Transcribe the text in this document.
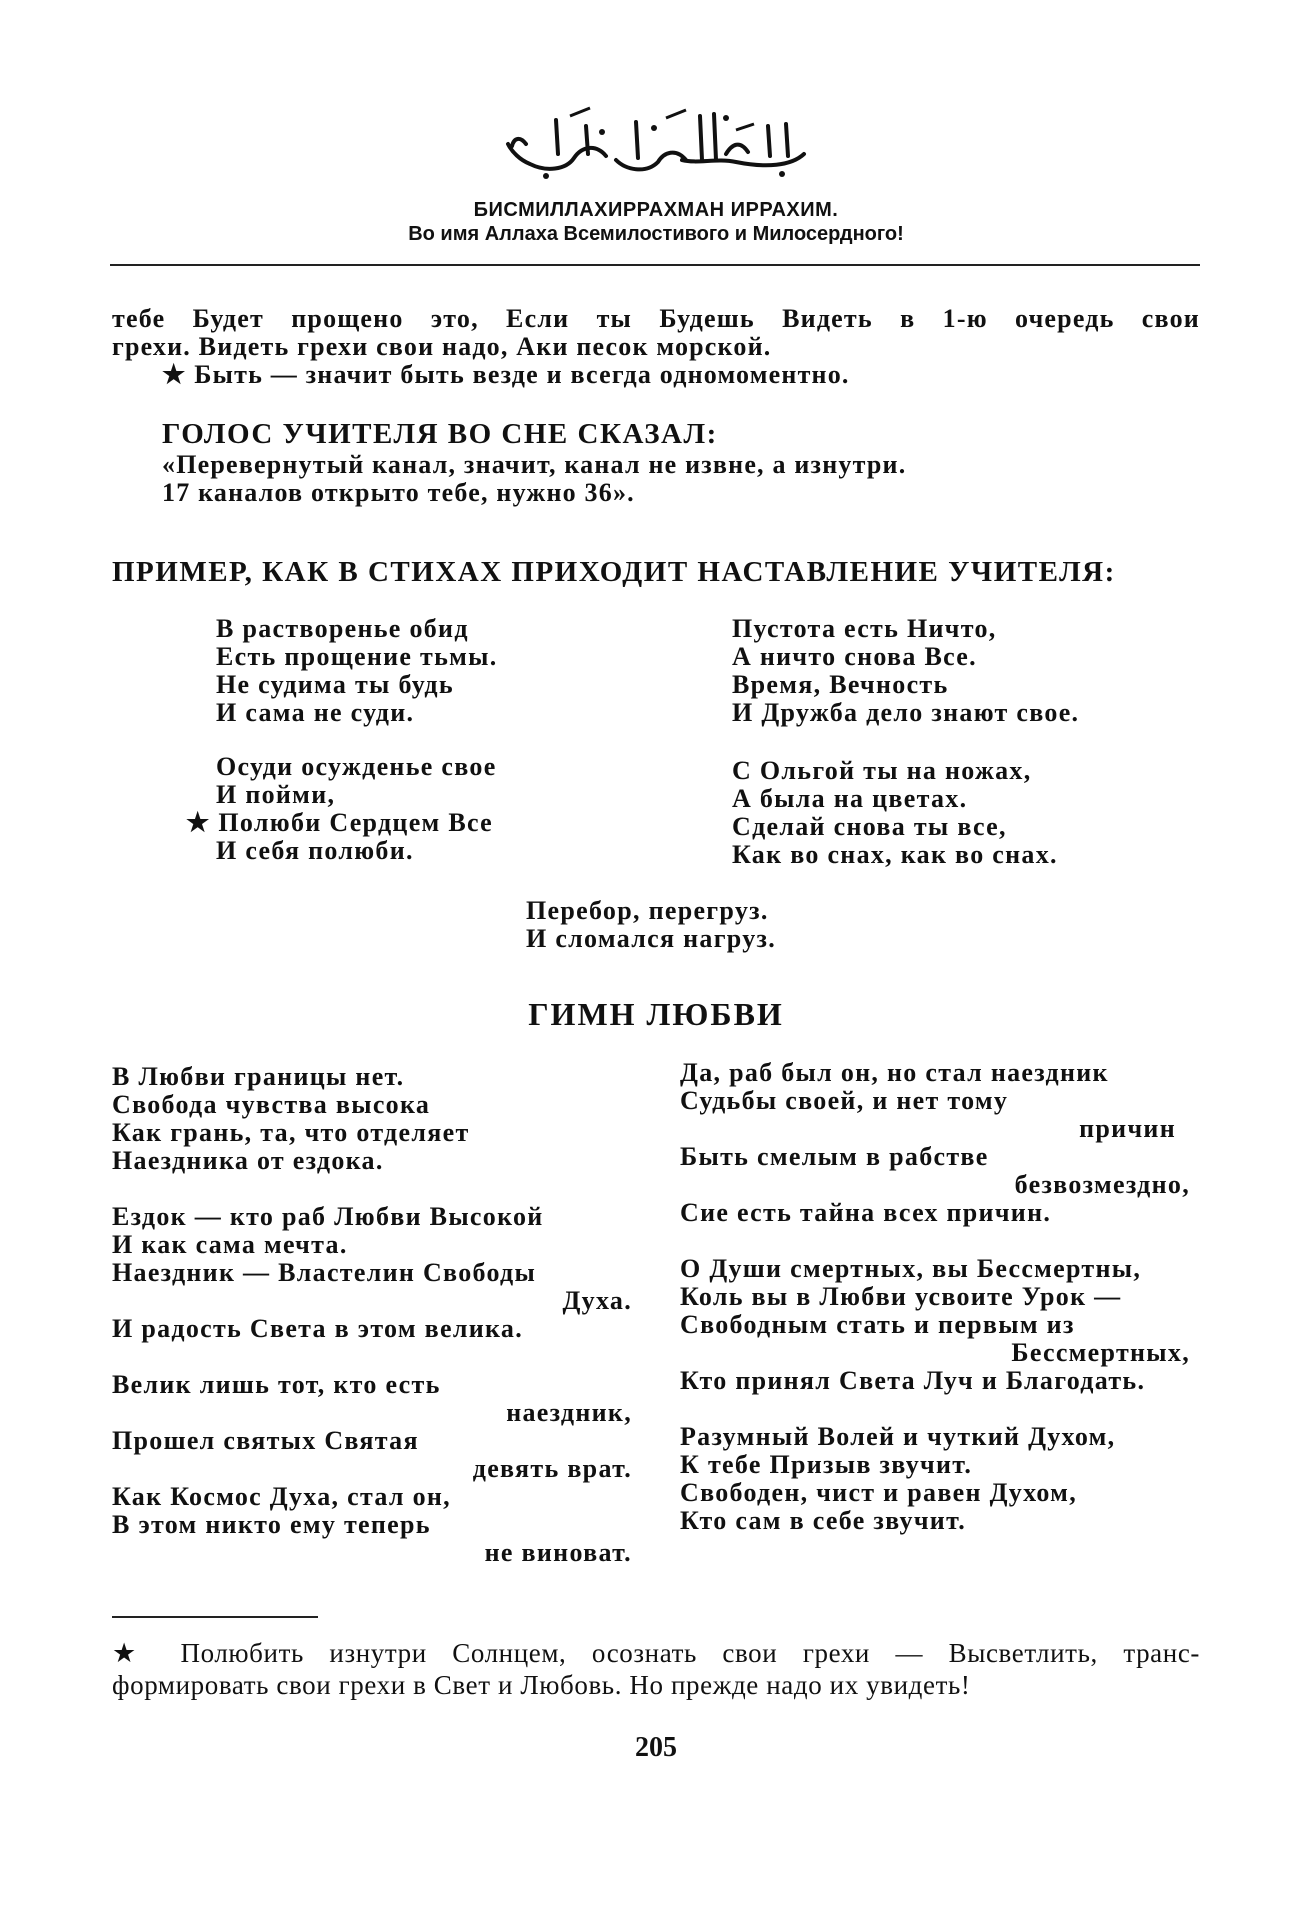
БИСМИЛЛАХИРРАХМАН ИРРАХИМ.
Во имя Аллаха Всемилостивого и Милосердного!
тебе Будет прощено это, Если ты Будешь Видеть в 1-ю очередь свои
грехи. Видеть грехи свои надо, Аки песок морской.
★ Быть — значит быть везде и всегда одномоментно.
ГОЛОС УЧИТЕЛЯ ВО СНЕ СКАЗАЛ:
«Перевернутый канал, значит, канал не извне, а изнутри.
17 каналов открыто тебе, нужно 36».
ПРИМЕР, КАК В СТИХАХ ПРИХОДИТ НАСТАВЛЕНИЕ УЧИТЕЛЯ:
В растворенье обид
Есть прощение тьмы.
Не судима ты будь
И сама не суди.
Осуди осужденье свое
И пойми,
★ Полюби Сердцем Все
И себя полюби.
Пустота есть Ничто,
А ничто снова Все.
Время, Вечность
И Дружба дело знают свое.
С Ольгой ты на ножах,
А была на цветах.
Сделай снова ты все,
Как во снах, как во снах.
Перебор, перегруз.
И сломался нагруз.
ГИМН ЛЮБВИ
В Любви границы нет.
Свобода чувства высока
Как грань, та, что отделяет
Наездника от ездока.
Ездок — кто раб Любви Высокой
И как сама мечта.
Наездник — Властелин Свободы
Духа.
И радость Света в этом велика.
Велик лишь тот, кто есть
наездник,
Прошел святых Святая
девять врат.
Как Космос Духа, стал он,
В этом никто ему теперь
не виноват.
Да, раб был он, но стал наездник
Судьбы своей, и нет тому
причин
Быть смелым в рабстве
безвозмездно,
Сие есть тайна всех причин.
О Души смертных, вы Бессмертны,
Коль вы в Любви усвоите Урок —
Свободным стать и первым из
Бессмертных,
Кто принял Света Луч и Благодать.
Разумный Волей и чуткий Духом,
К тебе Призыв звучит.
Свободен, чист и равен Духом,
Кто сам в себе звучит.
★ Полюбить изнутри Солнцем, осознать свои грехи — Высветлить, транс-
формировать свои грехи в Свет и Любовь. Но прежде надо их увидеть!
205
